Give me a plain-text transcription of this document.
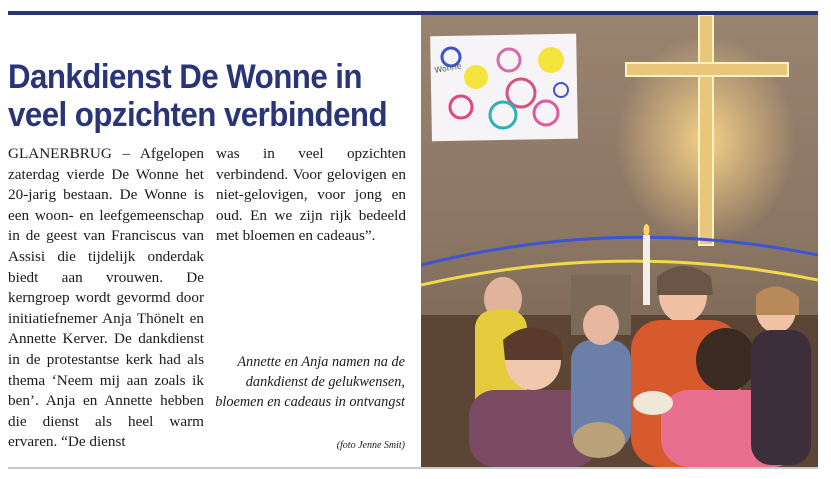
Dankdienst De Wonne in veel opzichten verbindend

GLANERBRUG – Afgelopen zaterdag vierde De Wonne het 20-jarig bestaan. De Wonne is een woon- en leefgemeenschap in de geest van Franciscus van Assisi die tijdelijk onderdak biedt aan vrouwen. De kerngroep wordt gevormd door initiatiefnemer Anja Thönelt en Annette Kerver. De dankdienst in de protestantse kerk had als thema ‘Neem mij aan zoals ik ben’. Anja en Annette hebben die dienst als heel warm ervaren. “De dienst

was in veel opzichten verbindend. Voor gelovigen en niet-gelovigen, voor jong en oud. En we zijn rijk bedeeld met bloemen en cadeaus”.

Annette en Anja namen na de dankdienst de gelukwensen, bloemen en cadeaus in ontvangst

(foto Jenne Smit)
Wonne
